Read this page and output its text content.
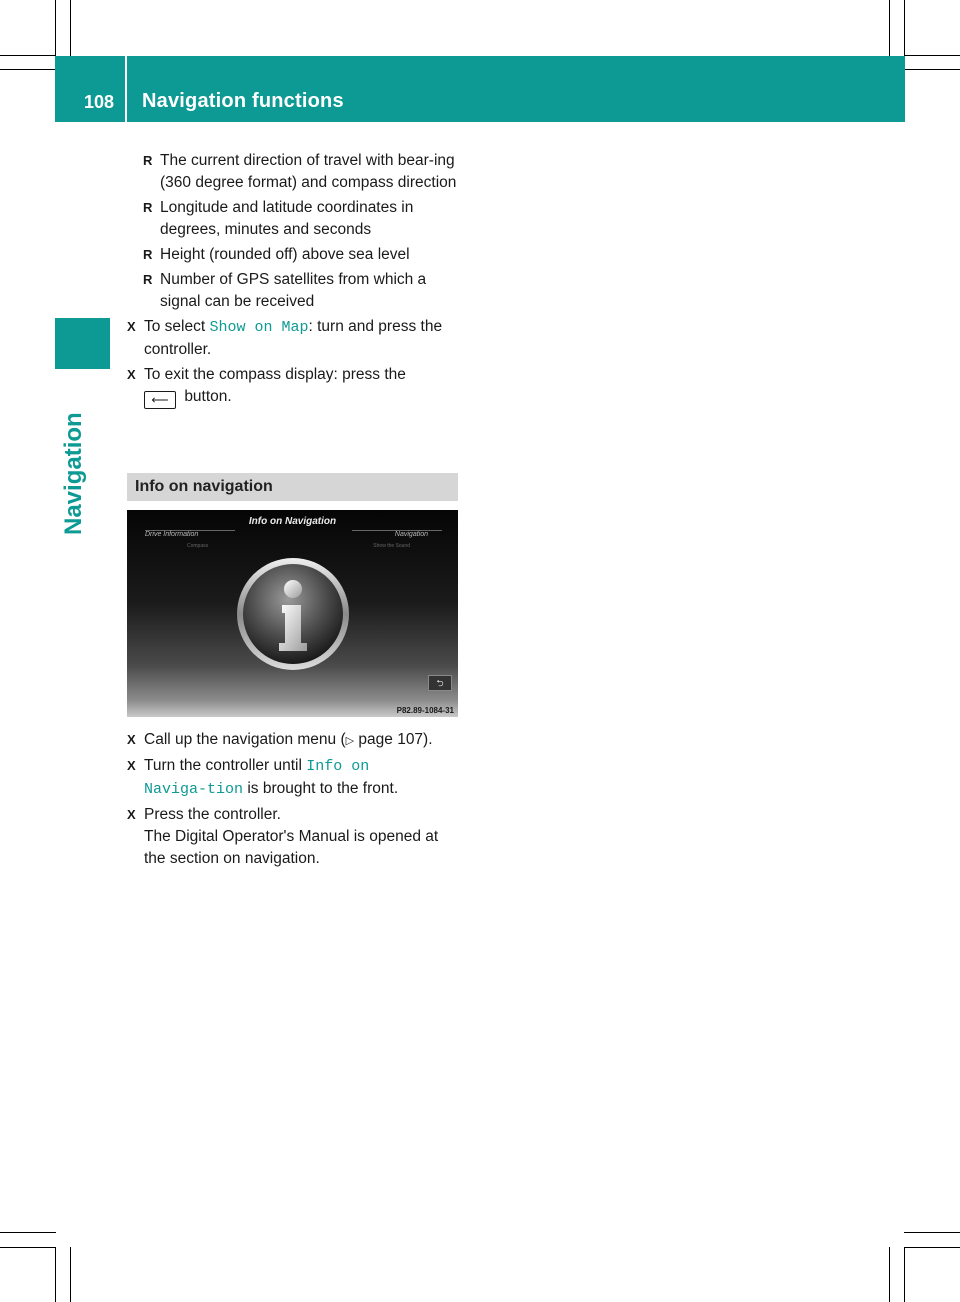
108 Navigation functions
Navigation
R The current direction of travel with bear-ing (360 degree format) and compass direction
R Longitude and latitude coordinates in degrees, minutes and seconds
R Height (rounded off) above sea level
R Number of GPS satellites from which a signal can be received
X To select Show on Map: turn and press the controller.
X To exit the compass display: press the
⟵ button.
Info on navigation
Info on Navigation
Drive Information	Navigation
Compass	Show the Sound
⮌
P82.89-1084-31
X Call up the navigation menu (▷ page 107).
X Turn the controller until Info on Naviga‑tion is brought to the front.
X Press the controller.
The Digital Operator's Manual is opened at the section on navigation.
